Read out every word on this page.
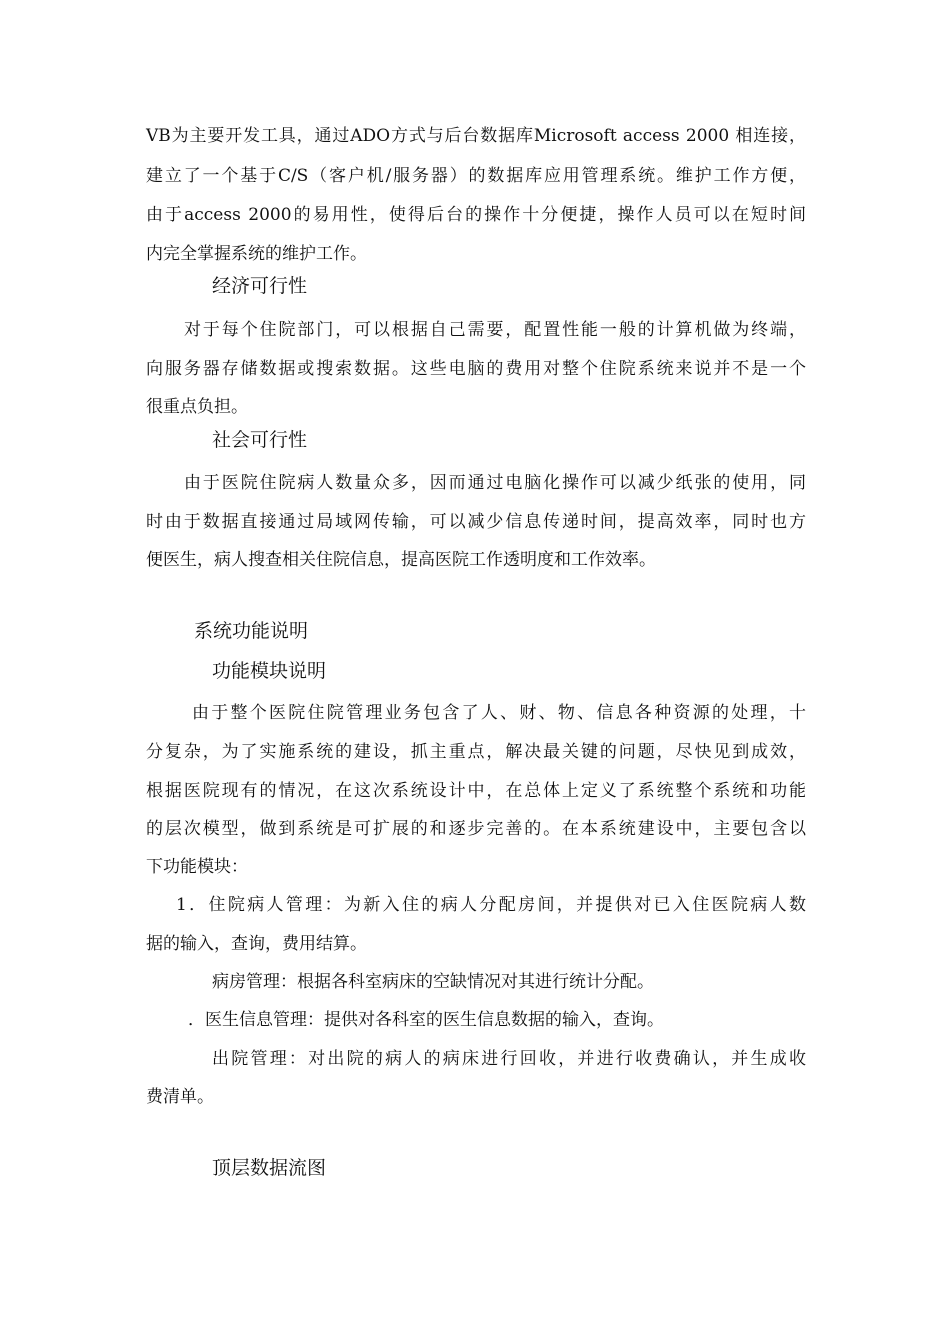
VB为主要开发工具，通过ADO方式与后台数据库Microsoft access 2000 相连接，
建立了一个基于C/S（客户机/服务器）的数据库应用管理系统。维护工作方便，
由于access 2000的易用性，使得后台的操作十分便捷，操作人员可以在短时间
内完全掌握系统的维护工作。
经济可行性
对于每个住院部门，可以根据自己需要，配置性能一般的计算机做为终端，
向服务器存储数据或搜索数据。这些电脑的费用对整个住院系统来说并不是一个
很重点负担。
社会可行性
由于医院住院病人数量众多，因而通过电脑化操作可以减少纸张的使用，同
时由于数据直接通过局域网传输，可以减少信息传递时间，提高效率，同时也方
便医生，病人搜查相关住院信息，提高医院工作透明度和工作效率。
系统功能说明
功能模块说明
由于整个医院住院管理业务包含了人、财、物、信息各种资源的处理，十
分复杂，为了实施系统的建设，抓主重点，解决最关键的问题，尽快见到成效，
根据医院现有的情况，在这次系统设计中，在总体上定义了系统整个系统和功能
的层次模型，做到系统是可扩展的和逐步完善的。在本系统建设中，主要包含以
下功能模块：
1．住院病人管理：为新入住的病人分配房间，并提供对已入住医院病人数
据的输入，查询，费用结算。
病房管理：根据各科室病床的空缺情况对其进行统计分配。
．医生信息管理：提供对各科室的医生信息数据的输入，查询。
出院管理：对出院的病人的病床进行回收，并进行收费确认，并生成收
费清单。
顶层数据流图
